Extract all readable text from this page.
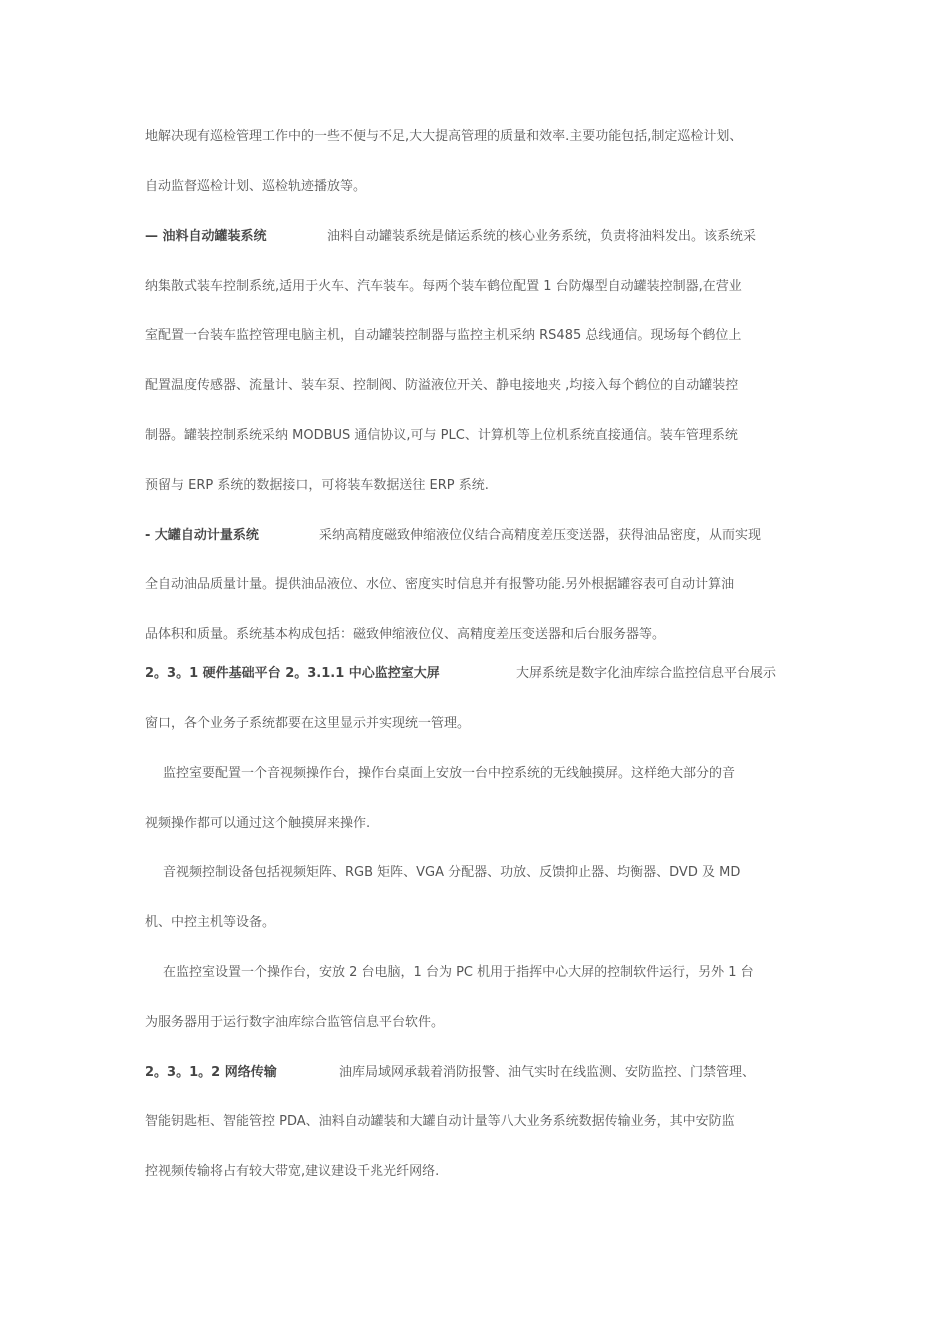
地解决现有巡检管理工作中的一些不便与不足,大大提高管理的质量和效率.主要功能包括,制定巡检计划、
自动监督巡检计划、巡检轨迹播放等。
— 油料自动罐装系统	油料自动罐装系统是储运系统的核心业务系统，负责将油料发出。该系统采
纳集散式装车控制系统,适用于火车、汽车装车。每两个装车鹤位配置 1 台防爆型自动罐装控制器,在营业
室配置一台装车监控管理电脑主机，自动罐装控制器与监控主机采纳 RS485 总线通信。现场每个鹤位上
配置温度传感器、流量计、装车泵、控制阀、防溢液位开关、静电接地夹 ,均接入每个鹤位的自动罐装控
制器。罐装控制系统采纳 MODBUS 通信协议,可与 PLC、计算机等上位机系统直接通信。装车管理系统
预留与 ERP 系统的数据接口，可将装车数据送往 ERP 系统.
- 大罐自动计量系统	采纳高精度磁致伸缩液位仪结合高精度差压变送器，获得油品密度，从而实现
全自动油品质量计量。提供油品液位、水位、密度实时信息并有报警功能.另外根据罐容表可自动计算油
品体积和质量。系统基本构成包括：磁致伸缩液位仪、高精度差压变送器和后台服务器等。
2。3。1 硬件基础平台 2。3.1.1 中心监控室大屏	大屏系统是数字化油库综合监控信息平台展示
窗口，各个业务子系统都要在这里显示并实现统一管理。
监控室要配置一个音视频操作台，操作台桌面上安放一台中控系统的无线触摸屏。这样绝大部分的音
视频操作都可以通过这个触摸屏来操作.
音视频控制设备包括视频矩阵、RGB 矩阵、VGA 分配器、功放、反馈抑止器、均衡器、DVD 及 MD
机、中控主机等设备。
在监控室设置一个操作台，安放 2 台电脑，1 台为 PC 机用于指挥中心大屏的控制软件运行，另外 1 台
为服务器用于运行数字油库综合监管信息平台软件。
2。3。1。2 网络传输	油库局域网承载着消防报警、油气实时在线监测、安防监控、门禁管理、
智能钥匙柜、智能管控 PDA、油料自动罐装和大罐自动计量等八大业务系统数据传输业务，其中安防监
控视频传输将占有较大带宽,建议建设千兆光纤网络.
